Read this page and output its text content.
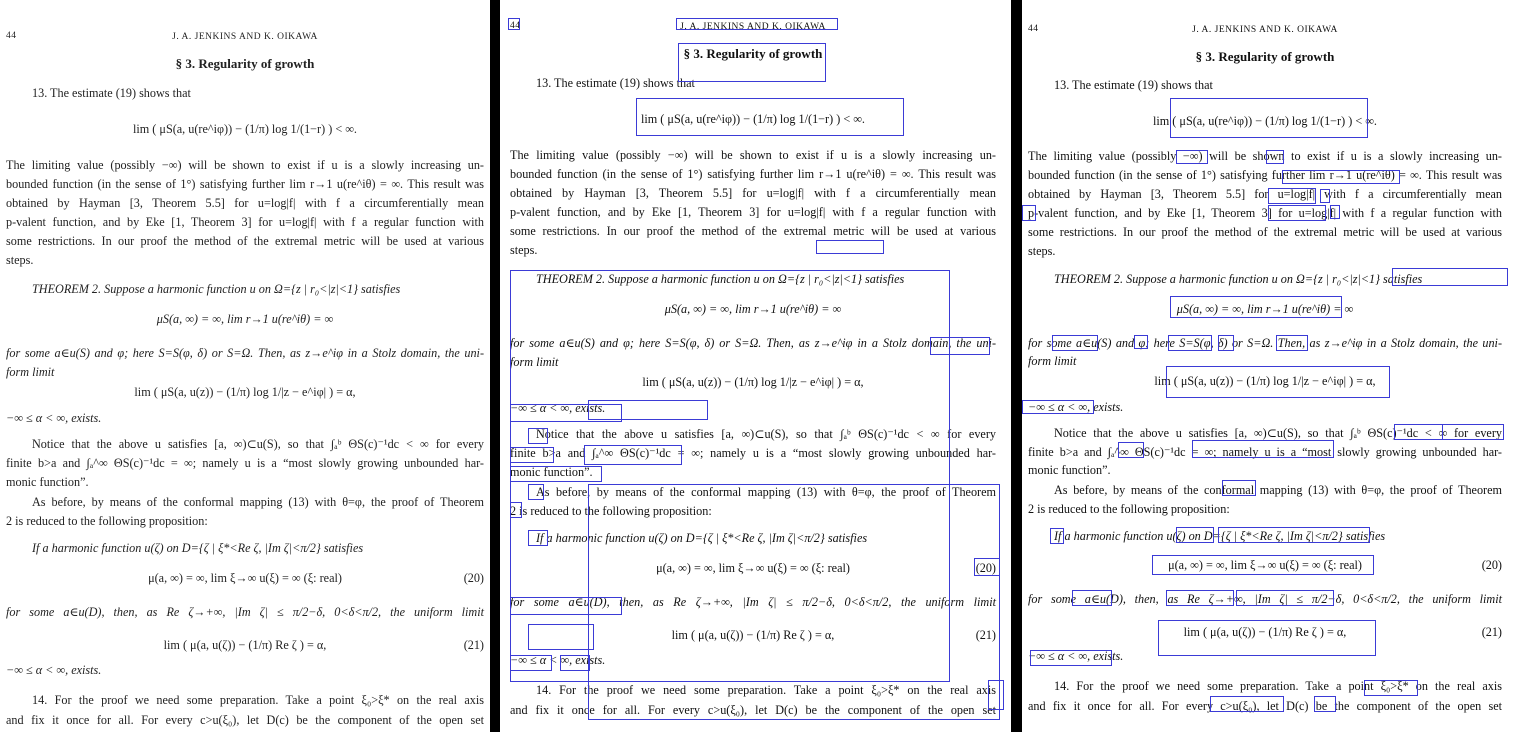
44	J. A. JENKINS AND K. OIKAWA
§ 3. Regularity of growth
13. The estimate (19) shows that
lim ( μS(a, u(re^iφ)) − (1/π) log 1/(1−r) ) < ∞.
The limiting value (possibly −∞) will be shown to exist if u is a slowly increasing un-
bounded function (in the sense of 1°) satisfying further lim r→1 u(re^iθ) = ∞. This result was
obtained by Hayman [3, Theorem 5.5] for u=log|f| with f a circumferentially mean
p-valent function, and by Eke [1, Theorem 3] for u=log|f| with f a regular function with
some restrictions. In our proof the method of the extremal metric will be used at various
steps.
THEOREM 2. Suppose a harmonic function u on Ω={z | r₀<|z|<1} satisfies
μS(a, ∞) = ∞, lim r→1 u(re^iθ) = ∞
for some a∈u(S) and φ; here S=S(φ, δ) or S=Ω. Then, as z→e^iφ in a Stolz domain, the uni-
form limit
lim ( μS(a, u(z)) − (1/π) log 1/|z − e^iφ| ) = α,
−∞ ≤ α < ∞, exists.
Notice that the above u satisfies [a, ∞)⊂u(S), so that ∫ₐᵇ ΘS(c)⁻¹dc < ∞ for every
finite b>a and ∫ₐ^∞ ΘS(c)⁻¹dc = ∞; namely u is a “most slowly growing unbounded har-
monic function”.
As before, by means of the conformal mapping (13) with θ=φ, the proof of Theorem
2 is reduced to the following proposition:
If a harmonic function u(ζ) on D={ζ | ξ*<Re ζ, |Im ζ|<π/2} satisfies
μ(a, ∞) = ∞, lim ξ→∞ u(ξ) = ∞ (ξ: real)	(20)
for some a∈u(D), then, as Re ζ→+∞, |Im ζ| ≤ π/2−δ, 0<δ<π/2, the uniform limit
lim ( μ(a, u(ζ)) − (1/π) Re ζ ) = α,	(21)
−∞ ≤ α < ∞, exists.
14. For the proof we need some preparation. Take a point ξ₀>ξ* on the real axis
and fix it once for all. For every c>u(ξ₀), let D(c) be the component of the open set
44	J. A. JENKINS AND K. OIKAWA
§ 3. Regularity of growth
13. The estimate (19) shows that
lim ( μS(a, u(re^iφ)) − (1/π) log 1/(1−r) ) < ∞.
The limiting value (possibly −∞) will be shown to exist if u is a slowly increasing un-
bounded function (in the sense of 1°) satisfying further lim r→1 u(re^iθ) = ∞. This result was
obtained by Hayman [3, Theorem 5.5] for u=log|f| with f a circumferentially mean
p-valent function, and by Eke [1, Theorem 3] for u=log|f| with f a regular function with
some restrictions. In our proof the method of the extremal metric will be used at various
steps.
THEOREM 2. Suppose a harmonic function u on Ω={z | r₀<|z|<1} satisfies
μS(a, ∞) = ∞, lim r→1 u(re^iθ) = ∞
for some a∈u(S) and φ; here S=S(φ, δ) or S=Ω. Then, as z→e^iφ in a Stolz domain, the uni-
form limit
lim ( μS(a, u(z)) − (1/π) log 1/|z − e^iφ| ) = α,
−∞ ≤ α < ∞, exists.
Notice that the above u satisfies [a, ∞)⊂u(S), so that ∫ₐᵇ ΘS(c)⁻¹dc < ∞ for every
finite b>a and ∫ₐ^∞ ΘS(c)⁻¹dc = ∞; namely u is a “most slowly growing unbounded har-
monic function”.
As before, by means of the conformal mapping (13) with θ=φ, the proof of Theorem
2 is reduced to the following proposition:
If a harmonic function u(ζ) on D={ζ | ξ*<Re ζ, |Im ζ|<π/2} satisfies
μ(a, ∞) = ∞, lim ξ→∞ u(ξ) = ∞ (ξ: real)	(20)
for some a∈u(D), then, as Re ζ→+∞, |Im ζ| ≤ π/2−δ, 0<δ<π/2, the uniform limit
lim ( μ(a, u(ζ)) − (1/π) Re ζ ) = α,	(21)
−∞ ≤ α < ∞, exists.
14. For the proof we need some preparation. Take a point ξ₀>ξ* on the real axis
and fix it once for all. For every c>u(ξ₀), let D(c) be the component of the open set
44	J. A. JENKINS AND K. OIKAWA
§ 3. Regularity of growth
13. The estimate (19) shows that
lim ( μS(a, u(re^iφ)) − (1/π) log 1/(1−r) ) < ∞.
The limiting value (possibly −∞) will be shown to exist if u is a slowly increasing un-
bounded function (in the sense of 1°) satisfying further lim r→1 u(re^iθ) = ∞. This result was
obtained by Hayman [3, Theorem 5.5] for u=log|f| with f a circumferentially mean
p-valent function, and by Eke [1, Theorem 3] for u=log|f| with f a regular function with
some restrictions. In our proof the method of the extremal metric will be used at various
steps.
THEOREM 2. Suppose a harmonic function u on Ω={z | r₀<|z|<1} satisfies
μS(a, ∞) = ∞, lim r→1 u(re^iθ) = ∞
for some a∈u(S) and φ; here S=S(φ, δ) or S=Ω. Then, as z→e^iφ in a Stolz domain, the uni-
form limit
lim ( μS(a, u(z)) − (1/π) log 1/|z − e^iφ| ) = α,
−∞ ≤ α < ∞, exists.
Notice that the above u satisfies [a, ∞)⊂u(S), so that ∫ₐᵇ ΘS(c)⁻¹dc < ∞ for every
finite b>a and ∫ₐ^∞ ΘS(c)⁻¹dc = ∞; namely u is a “most slowly growing unbounded har-
monic function”.
As before, by means of the conformal mapping (13) with θ=φ, the proof of Theorem
2 is reduced to the following proposition:
If a harmonic function u(ζ) on D={ζ | ξ*<Re ζ, |Im ζ|<π/2} satisfies
μ(a, ∞) = ∞, lim ξ→∞ u(ξ) = ∞ (ξ: real)	(20)
for some a∈u(D), then, as Re ζ→+∞, |Im ζ| ≤ π/2−δ, 0<δ<π/2, the uniform limit
lim ( μ(a, u(ζ)) − (1/π) Re ζ ) = α,	(21)
−∞ ≤ α < ∞, exists.
14. For the proof we need some preparation. Take a point ξ₀>ξ* on the real axis
and fix it once for all. For every c>u(ξ₀), let D(c) be the component of the open set
